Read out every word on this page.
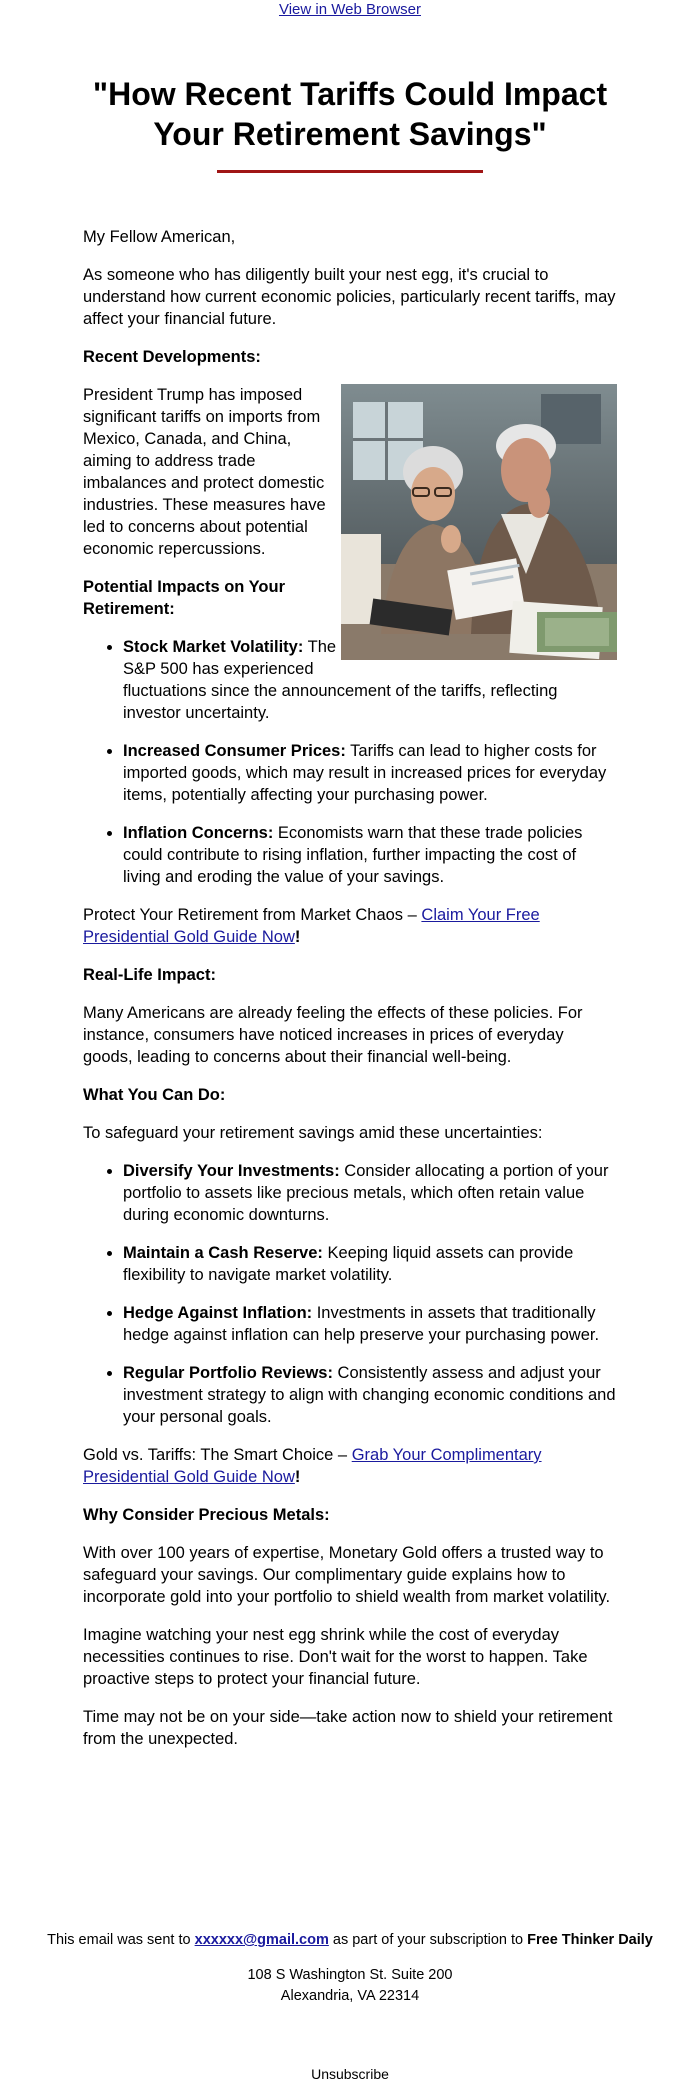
View in Web Browser
"How Recent Tariffs Could Impact Your Retirement Savings"

My Fellow American,

As someone who has diligently built your nest egg, it's crucial to understand how current economic policies, particularly recent tariffs, may affect your financial future.

Recent Developments:

President Trump has imposed significant tariffs on imports from Mexico, Canada, and China, aiming to address trade imbalances and protect domestic industries. These measures have led to concerns about potential economic repercussions.

Potential Impacts on Your Retirement:
• Stock Market Volatility: The S&P 500 has experienced fluctuations since the announcement of the tariffs, reflecting investor uncertainty.
• Increased Consumer Prices: Tariffs can lead to higher costs for imported goods, which may result in increased prices for everyday items, potentially affecting your purchasing power.
• Inflation Concerns: Economists warn that these trade policies could contribute to rising inflation, further impacting the cost of living and eroding the value of your savings.

Protect Your Retirement from Market Chaos – Claim Your Free Presidential Gold Guide Now!

Real-Life Impact:

Many Americans are already feeling the effects of these policies. For instance, consumers have noticed increases in prices of everyday goods, leading to concerns about their financial well-being.

What You Can Do:

To safeguard your retirement savings amid these uncertainties:

• Diversify Your Investments: Consider allocating a portion of your portfolio to assets like precious metals, which often retain value during economic downturns.
• Maintain a Cash Reserve: Keeping liquid assets can provide flexibility to navigate market volatility.
• Hedge Against Inflation: Investments in assets that traditionally hedge against inflation can help preserve your purchasing power.
• Regular Portfolio Reviews: Consistently assess and adjust your investment strategy to align with changing economic conditions and your personal goals.

Gold vs. Tariffs: The Smart Choice – Grab Your Complimentary Presidential Gold Guide Now!

Why Consider Precious Metals:

With over 100 years of expertise, Monetary Gold offers a trusted way to safeguard your savings. Our complimentary guide explains how to incorporate gold into your portfolio to shield wealth from market volatility.

Imagine watching your nest egg shrink while the cost of everyday necessities continues to rise. Don't wait for the worst to happen. Take proactive steps to protect your financial future.

Time may not be on your side—take action now to shield your retirement from the unexpected.

This email was sent to xxxxxx@gmail.com as part of your subscription to Free Thinker Daily

108 S Washington St. Suite 200

Alexandria, VA 22314

Unsubscribe
